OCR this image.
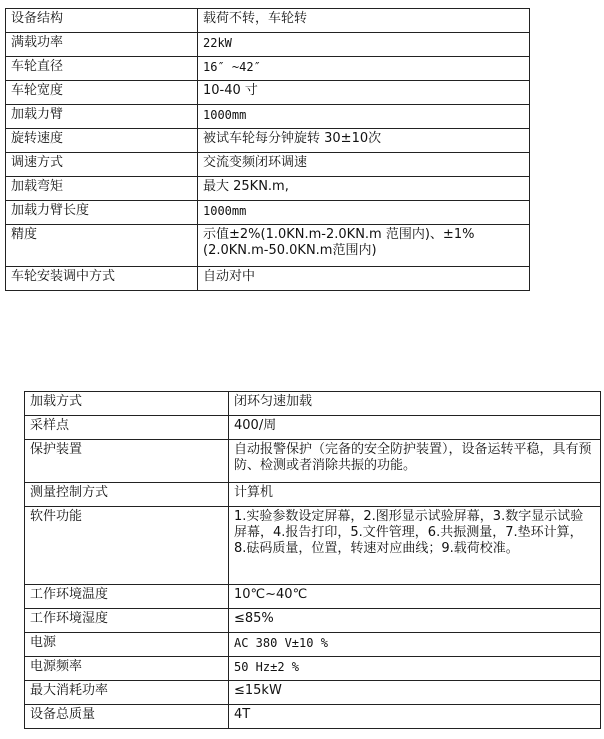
设备结构	载荷不转，车轮转
满载功率	22kW
车轮直径	16″ ~42″
车轮宽度	10-40 寸
加载力臂	1000mm
旋转速度	被试车轮每分钟旋转 30±10次
调速方式	交流变频闭环调速
加载弯矩	最大 25KN.m,
加载力臂长度	1000mm
精度	示值±2%(1.0KN.m-2.0KN.m 范围内)、±1%(2.0KN.m-50.0KN.m范围内)
车轮安装调中方式	自动对中
加载方式	闭环匀速加载
采样点	400/周
保护装置	自动报警保护（完备的安全防护装置），设备运转平稳，具有预防、检测或者消除共振的功能。
测量控制方式	计算机
软件功能	1.实验参数设定屏幕，2.图形显示试验屏幕，3.数字显示试验屏幕，4.报告打印，5.文件管理，6.共振测量，7.垫环计算，8.砝码质量，位置，转速对应曲线；9.载荷校准。
工作环境温度	10℃~40℃
工作环境湿度	≤85%
电源	AC 380 V±10 %
电源频率	50 Hz±2 %
最大消耗功率	≤15kW
设备总质量	4T
